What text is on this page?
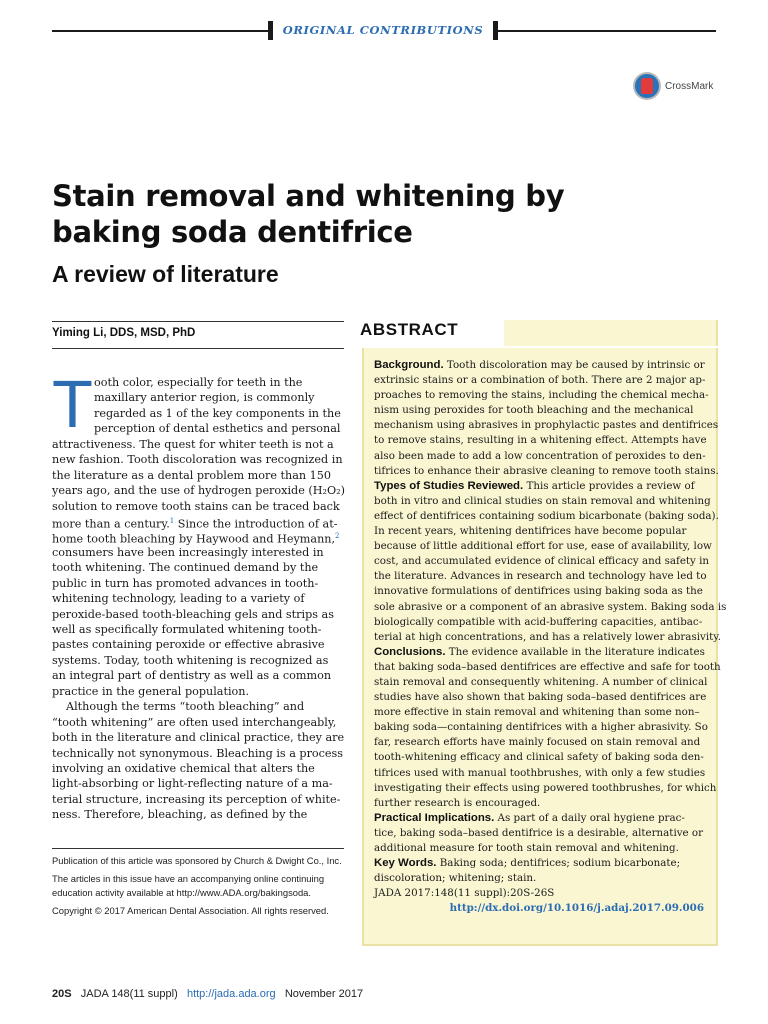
ORIGINAL CONTRIBUTIONS
CrossMark
Stain removal and whitening by
baking soda dentifrice
A review of literature
Yiming Li, DDS, MSD, PhD
T ooth color, especially for teeth in the
maxillary anterior region, is commonly
regarded as 1 of the key components in the
perception of dental esthetics and personal
attractiveness. The quest for whiter teeth is not a
new fashion. Tooth discoloration was recognized in
the literature as a dental problem more than 150
years ago, and the use of hydrogen peroxide (H₂O₂)
solution to remove tooth stains can be traced back
more than a century.$^1$ Since the introduction of at-
home tooth bleaching by Haywood and Heymann,$^2$
consumers have been increasingly interested in
tooth whitening. The continued demand by the
public in turn has promoted advances in tooth-
whitening technology, leading to a variety of
peroxide-based tooth-bleaching gels and strips as
well as specifically formulated whitening tooth-
pastes containing peroxide or effective abrasive
systems. Today, tooth whitening is recognized as
an integral part of dentistry as well as a common
practice in the general population.
Although the terms “tooth bleaching” and
“tooth whitening” are often used interchangeably,
both in the literature and clinical practice, they are
technically not synonymous. Bleaching is a process
involving an oxidative chemical that alters the
light-absorbing or light-reflecting nature of a ma-
terial structure, increasing its perception of white-
ness. Therefore, bleaching, as defined by the

Publication of this article was sponsored by Church & Dwight Co., Inc.

The articles in this issue have an accompanying online continuing education activity available at http://www.ADA.org/bakingsoda.

Copyright © 2017 American Dental Association. All rights reserved.

ABSTRACT
Background. Tooth discoloration may be caused by intrinsic or
extrinsic stains or a combination of both. There are 2 major ap-
proaches to removing the stains, including the chemical mecha-
nism using peroxides for tooth bleaching and the mechanical
mechanism using abrasives in prophylactic pastes and dentifrices
to remove stains, resulting in a whitening effect. Attempts have
also been made to add a low concentration of peroxides to den-
tifrices to enhance their abrasive cleaning to remove tooth stains.
Types of Studies Reviewed. This article provides a review of
both in vitro and clinical studies on stain removal and whitening
effect of dentifrices containing sodium bicarbonate (baking soda).
In recent years, whitening dentifrices have become popular
because of little additional effort for use, ease of availability, low
cost, and accumulated evidence of clinical efficacy and safety in
the literature. Advances in research and technology have led to
innovative formulations of dentifrices using baking soda as the
sole abrasive or a component of an abrasive system. Baking soda is
biologically compatible with acid-buffering capacities, antibac-
terial at high concentrations, and has a relatively lower abrasivity.
Conclusions. The evidence available in the literature indicates
that baking soda–based dentifrices are effective and safe for tooth
stain removal and consequently whitening. A number of clinical
studies have also shown that baking soda–based dentifrices are
more effective in stain removal and whitening than some non–
baking soda—containing dentifrices with a higher abrasivity. So
far, research efforts have mainly focused on stain removal and
tooth-whitening efficacy and clinical safety of baking soda den-
tifrices used with manual toothbrushes, with only a few studies
investigating their effects using powered toothbrushes, for which
further research is encouraged.
Practical Implications. As part of a daily oral hygiene prac-
tice, baking soda–based dentifrice is a desirable, alternative or
additional measure for tooth stain removal and whitening.
Key Words. Baking soda; dentifrices; sodium bicarbonate;
discoloration; whitening; stain.
JADA 2017:148(11 suppl):20S-26S
http://dx.doi.org/10.1016/j.adaj.2017.09.006
20S JADA 148(11 suppl) http://jada.ada.org November 2017
